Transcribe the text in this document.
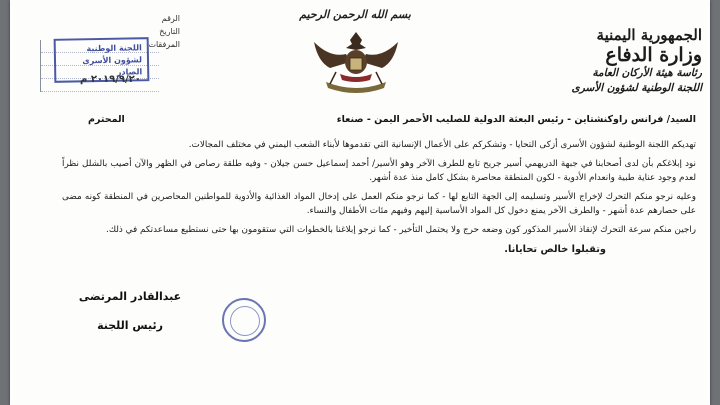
الجمهورية اليمنية
وزارة الدفاع
رئاسة هيئة الأركان العامة
اللجنة الوطنية لشؤون الأسرى
بسم الله الرحمن الرحيم
الرقم
التاريخ
المرفقات
اللجنة الوطنية لشؤون الأسرى
الصادر
٢٠١٩/٩/٢٠ م
السيد/ فرانس راوكنشتاين - رئيس البعثة الدولية للصليب الأحمر اليمن - صنعاء
المحترم

تهديكم اللجنة الوطنية لشؤون الأسرى أزكى التحايا - وتشكركم على الأعمال الإنسانية التي تقدموها لأبناء الشعب اليمني في مختلف المجالات.

نود إبلاغكم بأن لدى أصحابنا في جبهة الدريهمي أسير جريح تابع للطرف الآخر وهو الأسير/ أحمد إسماعيل حسن جيلان - وفيه طلقة رصاص في الظهر والآن أصيب بالشلل نظراً لعدم وجود عناية طبية وانعدام الأدوية - لكون المنطقة محاصرة بشكل كامل منذ عدة أشهر.

وعليه نرجو منكم التحرك لإخراج الأسير وتسليمه إلى الجهة التابع لها - كما نرجو منكم العمل على إدخال المواد الغذائية والأدوية للمواطنين المحاصرين في المنطقة كونه مضى على حصارهم عدة أشهر - والطرف الآخر يمنع دخول كل المواد الأساسية إليهم وفيهم مئات الأطفال والنساء.

راجين منكم سرعة التحرك لإنقاذ الأسير المذكور كون وضعه حرج ولا يحتمل التأخير - كما نرجو إبلاغنا بالخطوات التي ستقومون بها حتى نستطيع مساعدتكم في ذلك.

وتقبلوا خالص تحايانا.

عبدالقادر المرتضى
رئيس اللجنة
